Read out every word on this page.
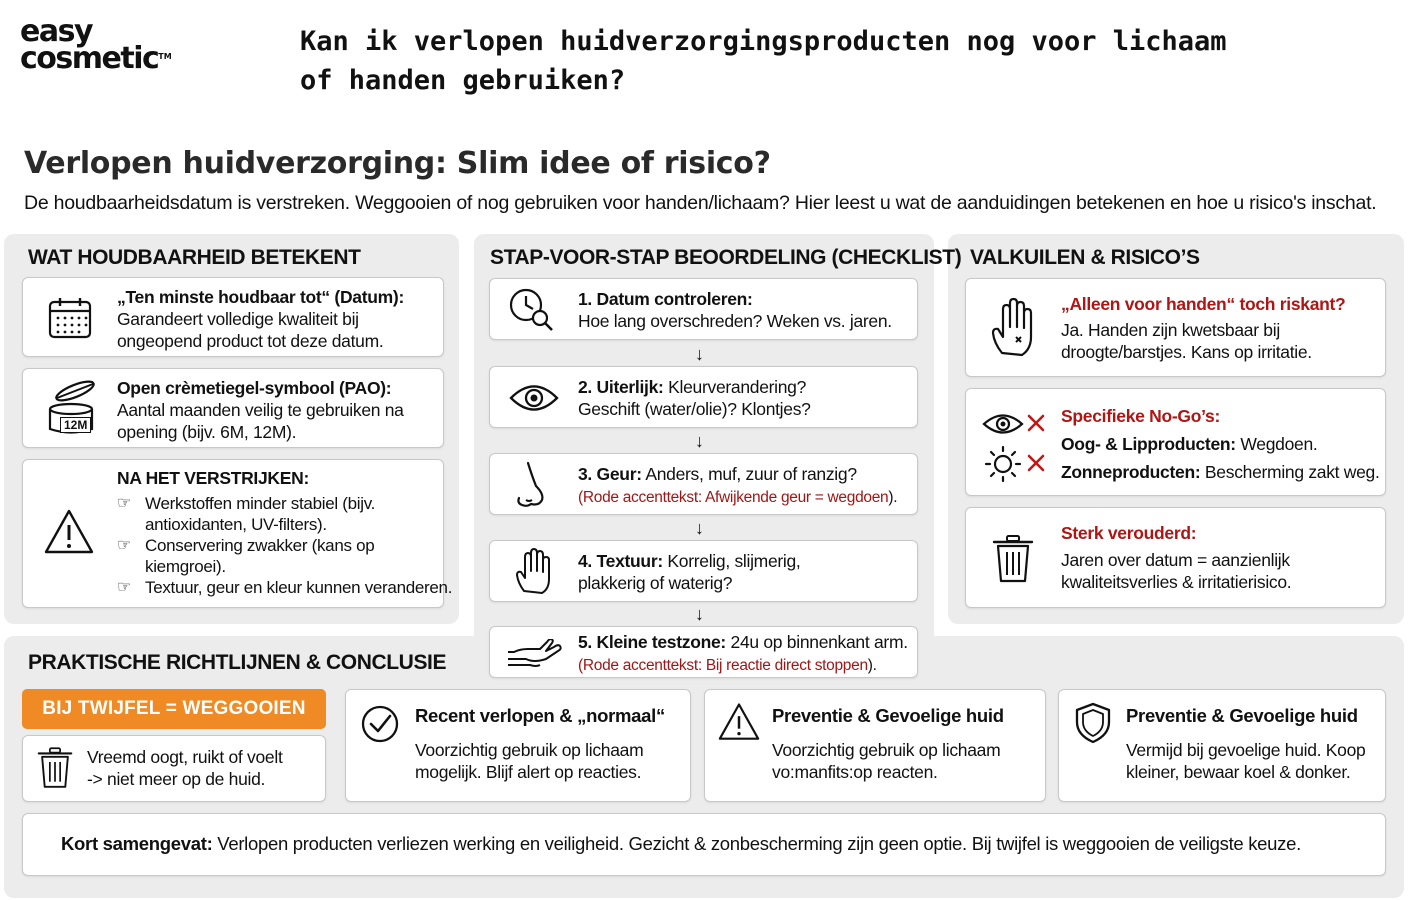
easy
cosmetic™	Kan ik verlopen huidverzorgingsproducten nog voor lichaam
of handen gebruiken?
Verlopen huidverzorging: Slim idee of risico?
De houdbaarheidsdatum is verstreken. Weggooien of nog gebruiken voor handen/lichaam? Hier leest u wat de aanduidingen betekenen en hoe u risico's inschat.
WAT HOUDBAARHEID BETEKENT
„Ten minste houdbaar tot“ (Datum):
Garandeert volledige kwaliteit bij ongeopend product tot deze datum.
12M
Open crèmetiegel-symbool (PAO):
Aantal maanden veilig te gebruiken na opening (bijv. 6M, 12M).
NA HET VERSTRIJKEN:
☞ Werkstoffen minder stabiel (bijv. antioxidanten, UV-filters).
☞ Conservering zwakker (kans op kiemgroei).
☞ Textuur, geur en kleur kunnen veranderen.
STAP-VOOR-STAP BEOORDELING (CHECKLIST)
1. Datum controleren:
Hoe lang overschreden? Weken vs. jaren.
↓
2. Uiterlijk: Kleurverandering?
Geschift (water/olie)? Klontjes?
↓
3. Geur: Anders, muf, zuur of ranzig?
(Rode accenttekst: Afwijkende geur = wegdoen).
↓
4. Textuur: Korrelig, slijmerig,
plakkerig of waterig?
↓
5. Kleine testzone: 24u op binnenkant arm.
(Rode accenttekst: Bij reactie direct stoppen).
VALKUILEN & RISICO’S
„Alleen voor handen“ toch riskant?
Ja. Handen zijn kwetsbaar bij droogte/barstjes. Kans op irritatie.
Specifieke No-Go’s:
Oog- & Lipproducten: Wegdoen.
Zonneproducten: Bescherming zakt weg.
Sterk verouderd:
Jaren over datum = aanzienlijk kwaliteitsverlies & irritatierisico.
PRAKTISCHE RICHTLIJNEN & CONCLUSIE
BIJ TWIJFEL = WEGGOOIEN
Vreemd oogt, ruikt of voelt
-> niet meer op de huid.
Recent verlopen & „normaal“
Voorzichtig gebruik op lichaam mogelijk. Blijf alert op reacties.
Preventie & Gevoelige huid
Voorzichtig gebruik op lichaam
vo:manfits:op reacten.
Preventie & Gevoelige huid
Vermijd bij gevoelige huid. Koop kleiner, bewaar koel & donker.
Kort samengevat: Verlopen producten verliezen werking en veiligheid. Gezicht & zonbescherming zijn geen optie. Bij twijfel is weggooien de veiligste keuze.
